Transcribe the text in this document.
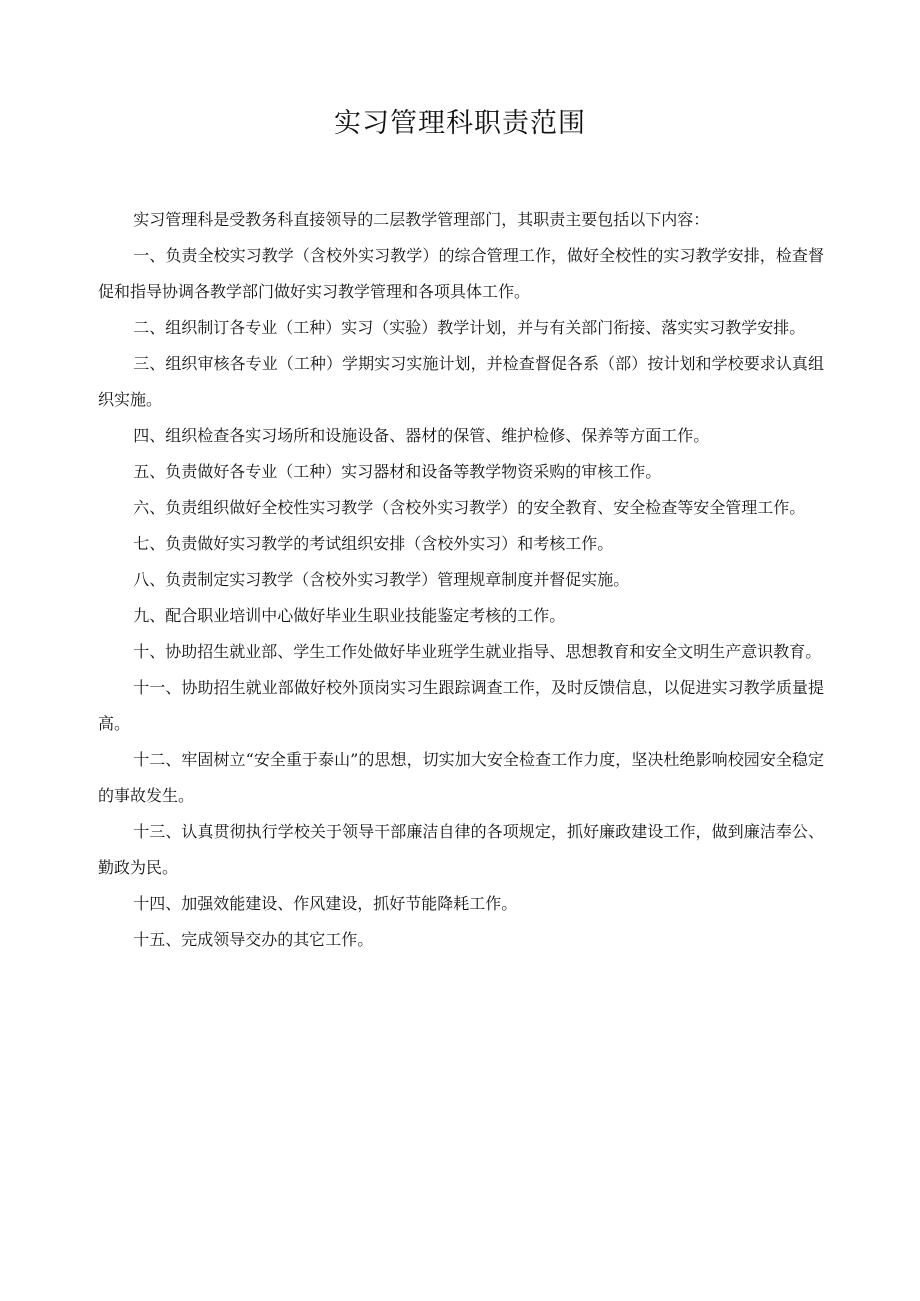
实习管理科职责范围

实习管理科是受教务科直接领导的二层教学管理部门，其职责主要包括以下内容：

一、负责全校实习教学（含校外实习教学）的综合管理工作，做好全校性的实习教学安排，检查督促和指导协调各教学部门做好实习教学管理和各项具体工作。

二、组织制订各专业（工种）实习（实验）教学计划，并与有关部门衔接、落实实习教学安排。

三、组织审核各专业（工种）学期实习实施计划，并检查督促各系（部）按计划和学校要求认真组织实施。

四、组织检查各实习场所和设施设备、器材的保管、维护检修、保养等方面工作。

五、负责做好各专业（工种）实习器材和设备等教学物资采购的审核工作。

六、负责组织做好全校性实习教学（含校外实习教学）的安全教育、安全检查等安全管理工作。

七、负责做好实习教学的考试组织安排（含校外实习）和考核工作。

八、负责制定实习教学（含校外实习教学）管理规章制度并督促实施。

九、配合职业培训中心做好毕业生职业技能鉴定考核的工作。

十、协助招生就业部、学生工作处做好毕业班学生就业指导、思想教育和安全文明生产意识教育。

十一、协助招生就业部做好校外顶岗实习生跟踪调查工作，及时反馈信息，以促进实习教学质量提高。

十二、牢固树立“安全重于泰山”的思想，切实加大安全检查工作力度，坚决杜绝影响校园安全稳定的事故发生。

十三、认真贯彻执行学校关于领导干部廉洁自律的各项规定，抓好廉政建设工作，做到廉洁奉公、勤政为民。

十四、加强效能建设、作风建设，抓好节能降耗工作。

十五、完成领导交办的其它工作。
